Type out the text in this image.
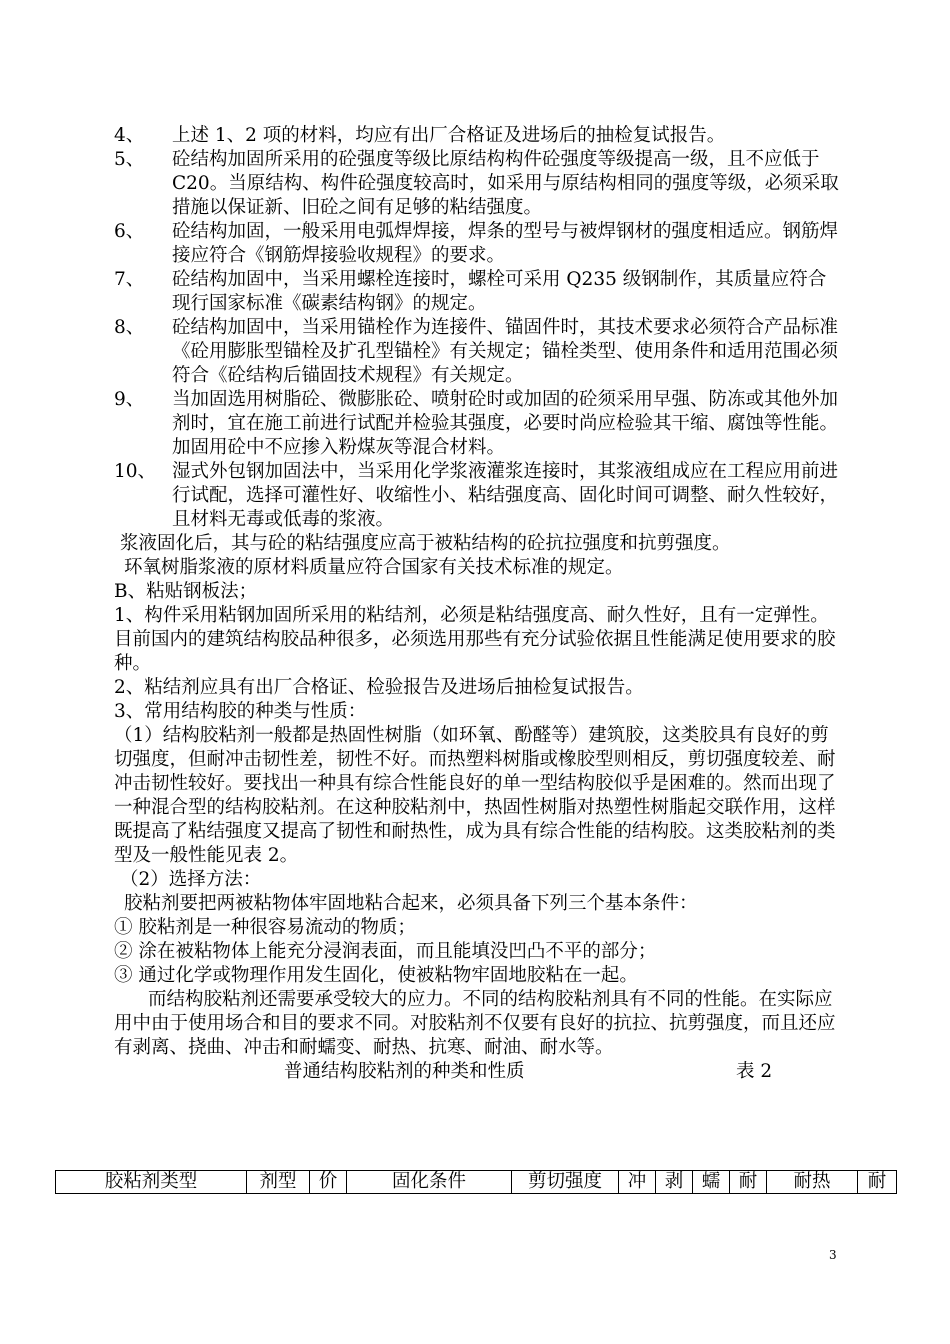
4、	上述 1、2 项的材料，均应有出厂合格证及进场后的抽检复试报告。
5、	砼结构加固所采用的砼强度等级比原结构构件砼强度等级提高一级，且不应低于 C20。当原结构、构件砼强度较高时，如采用与原结构相同的强度等级，必须采取措施以保证新、旧砼之间有足够的粘结强度。
6、	砼结构加固，一般采用电弧焊焊接，焊条的型号与被焊钢材的强度相适应。钢筋焊接应符合《钢筋焊接验收规程》的要求。
7、	砼结构加固中，当采用螺栓连接时，螺栓可采用 Q235 级钢制作，其质量应符合现行国家标准《碳素结构钢》的规定。
8、	砼结构加固中，当采用锚栓作为连接件、锚固件时，其技术要求必须符合产品标准《砼用膨胀型锚栓及扩孔型锚栓》有关规定；锚栓类型、使用条件和适用范围必须符合《砼结构后锚固技术规程》有关规定。
9、	当加固选用树脂砼、微膨胀砼、喷射砼时或加固的砼须采用早强、防冻或其他外加剂时，宜在施工前进行试配并检验其强度，必要时尚应检验其干缩、腐蚀等性能。加固用砼中不应掺入粉煤灰等混合材料。
10、 湿式外包钢加固法中，当采用化学浆液灌浆连接时，其浆液组成应在工程应用前进行试配，选择可灌性好、收缩性小、粘结强度高、固化时间可调整、耐久性较好，且材料无毒或低毒的浆液。

浆液固化后，其与砼的粘结强度应高于被粘结构的砼抗拉强度和抗剪强度。

环氧树脂浆液的原材料质量应符合国家有关技术标准的规定。

B、粘贴钢板法；

1、构件采用粘钢加固所采用的粘结剂，必须是粘结强度高、耐久性好，且有一定弹性。目前国内的建筑结构胶品种很多，必须选用那些有充分试验依据且性能满足使用要求的胶种。

2、粘结剂应具有出厂合格证、检验报告及进场后抽检复试报告。

3、常用结构胶的种类与性质：

（1）结构胶粘剂一般都是热固性树脂（如环氧、酚醛等）建筑胶，这类胶具有良好的剪切强度，但耐冲击韧性差，韧性不好。而热塑料树脂或橡胶型则相反，剪切强度较差、耐冲击韧性较好。要找出一种具有综合性能良好的单一型结构胶似乎是困难的。然而出现了一种混合型的结构胶粘剂。在这种胶粘剂中，热固性树脂对热塑性树脂起交联作用，这样既提高了粘结强度又提高了韧性和耐热性，成为具有综合性能的结构胶。这类胶粘剂的类型及一般性能见表 2。

（2）选择方法：

胶粘剂要把两被粘物体牢固地粘合起来，必须具备下列三个基本条件：

① 胶粘剂是一种很容易流动的物质；

② 涂在被粘物体上能充分浸润表面，而且能填没凹凸不平的部分；

③ 通过化学或物理作用发生固化，使被粘物牢固地胶粘在一起。

而结构胶粘剂还需要承受较大的应力。不同的结构胶粘剂具有不同的性能。在实际应用中由于使用场合和目的要求不同。对胶粘剂不仅要有良好的抗拉、抗剪强度，而且还应有剥离、挠曲、冲击和耐蠕变、耐热、抗寒、耐油、耐水等。

普通结构胶粘剂的种类和性质	表 2
胶粘剂类型	剂型	价	固化条件	剪切强度	冲	剥	蠕	耐	耐热	耐
3
